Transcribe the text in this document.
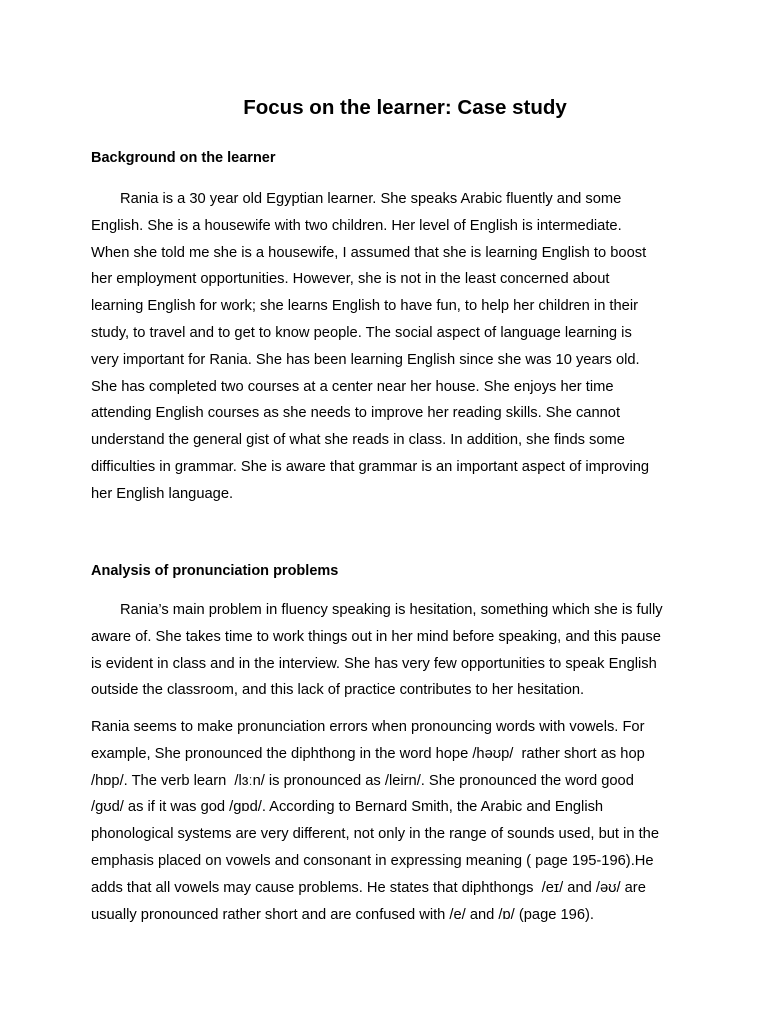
Focus on the learner: Case study
Background on the learner

Rania is a 30 year old Egyptian learner. She speaks Arabic fluently and some
English. She is a housewife with two children. Her level of English is intermediate.

When she told me she is a housewife, I assumed that she is learning English to boost
her employment opportunities. However, she is not in the least concerned about
learning English for work; she learns English to have fun, to help her children in their
study, to travel and to get to know people. The social aspect of language learning is
very important for Rania. She has been learning English since she was 10 years old.
She has completed two courses at a center near her house. She enjoys her time
attending English courses as she needs to improve her reading skills. She cannot
understand the general gist of what she reads in class. In addition, she finds some
difficulties in grammar. She is aware that grammar is an important aspect of improving
her English language.
Analysis of pronunciation problems

Rania’s main problem in fluency speaking is hesitation, something which she is fully

aware of. She takes time to work things out in her mind before speaking, and this pause
is evident in class and in the interview. She has very few opportunities to speak English
outside the classroom, and this lack of practice contributes to her hesitation.
Rania seems to make pronunciation errors when pronouncing words with vowels. For
example, She pronounced the diphthong in the word hope /həʊp/  rather short as hop
/hɒp/. The verb learn  /lɜːn/ is pronounced as /leirn/. She pronounced the word good
/gʊd/ as if it was god /gɒd/. According to Bernard Smith, the Arabic and English
phonological systems are very different, not only in the range of sounds used, but in the
emphasis placed on vowels and consonant in expressing meaning ( page 195-196).He
adds that all vowels may cause problems. He states that diphthongs  /eɪ/ and /əʊ/ are
usually pronounced rather short and are confused with /e/ and /ɒ/ (page 196).
